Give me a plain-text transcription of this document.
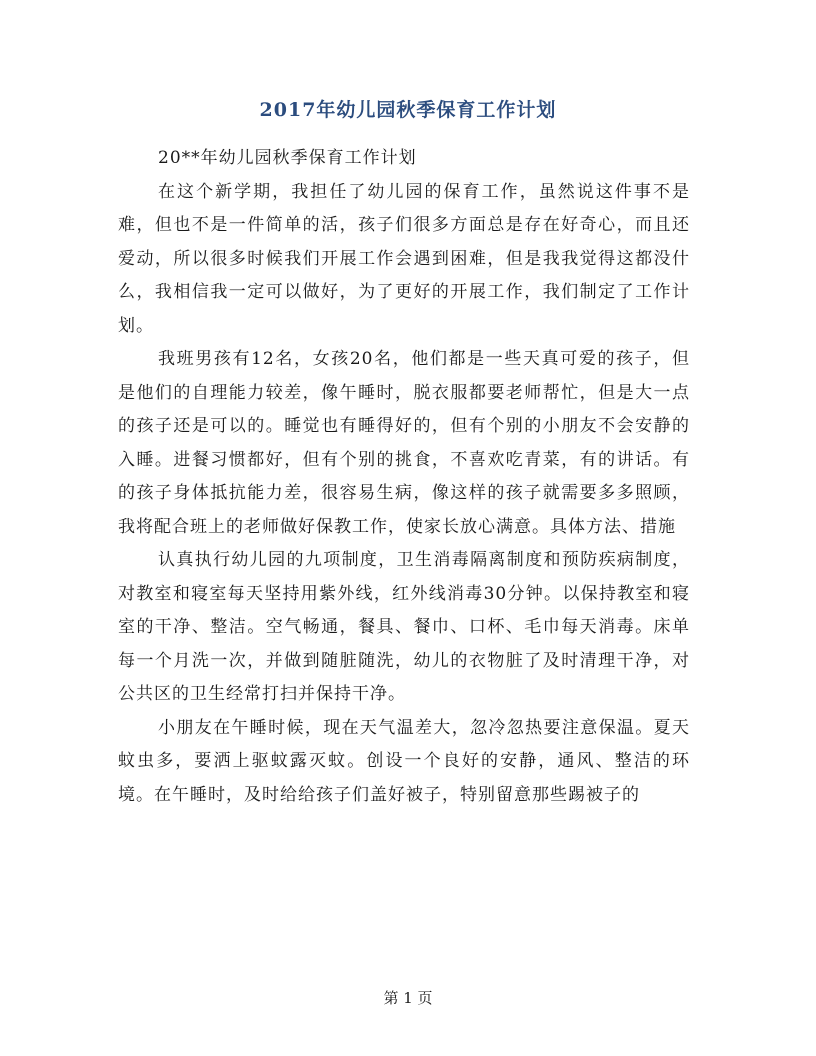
2017年幼儿园秋季保育工作计划

20**年幼儿园秋季保育工作计划

在这个新学期，我担任了幼儿园的保育工作，虽然说这件事不是难，但也不是一件简单的活，孩子们很多方面总是存在好奇心，而且还爱动，所以很多时候我们开展工作会遇到困难，但是我我觉得这都没什么，我相信我一定可以做好，为了更好的开展工作，我们制定了工作计划。

我班男孩有12名，女孩20名，他们都是一些天真可爱的孩子，但是他们的自理能力较差，像午睡时，脱衣服都要老师帮忙，但是大一点的孩子还是可以的。睡觉也有睡得好的，但有个别的小朋友不会安静的入睡。进餐习惯都好，但有个别的挑食，不喜欢吃青菜，有的讲话。有的孩子身体抵抗能力差，很容易生病，像这样的孩子就需要多多照顾，我将配合班上的老师做好保教工作，使家长放心满意。具体方法、措施

认真执行幼儿园的九项制度，卫生消毒隔离制度和预防疾病制度，对教室和寝室每天坚持用紫外线，红外线消毒30分钟。以保持教室和寝室的干净、整洁。空气畅通，餐具、餐巾、口杯、毛巾每天消毒。床单每一个月洗一次，并做到随脏随洗，幼儿的衣物脏了及时清理干净，对公共区的卫生经常打扫并保持干净。

小朋友在午睡时候，现在天气温差大，忽冷忽热要注意保温。夏天蚊虫多，要洒上驱蚊露灭蚊。创设一个良好的安静，通风、整洁的环境。在午睡时，及时给给孩子们盖好被子，特别留意那些踢被子的

第 1 页
